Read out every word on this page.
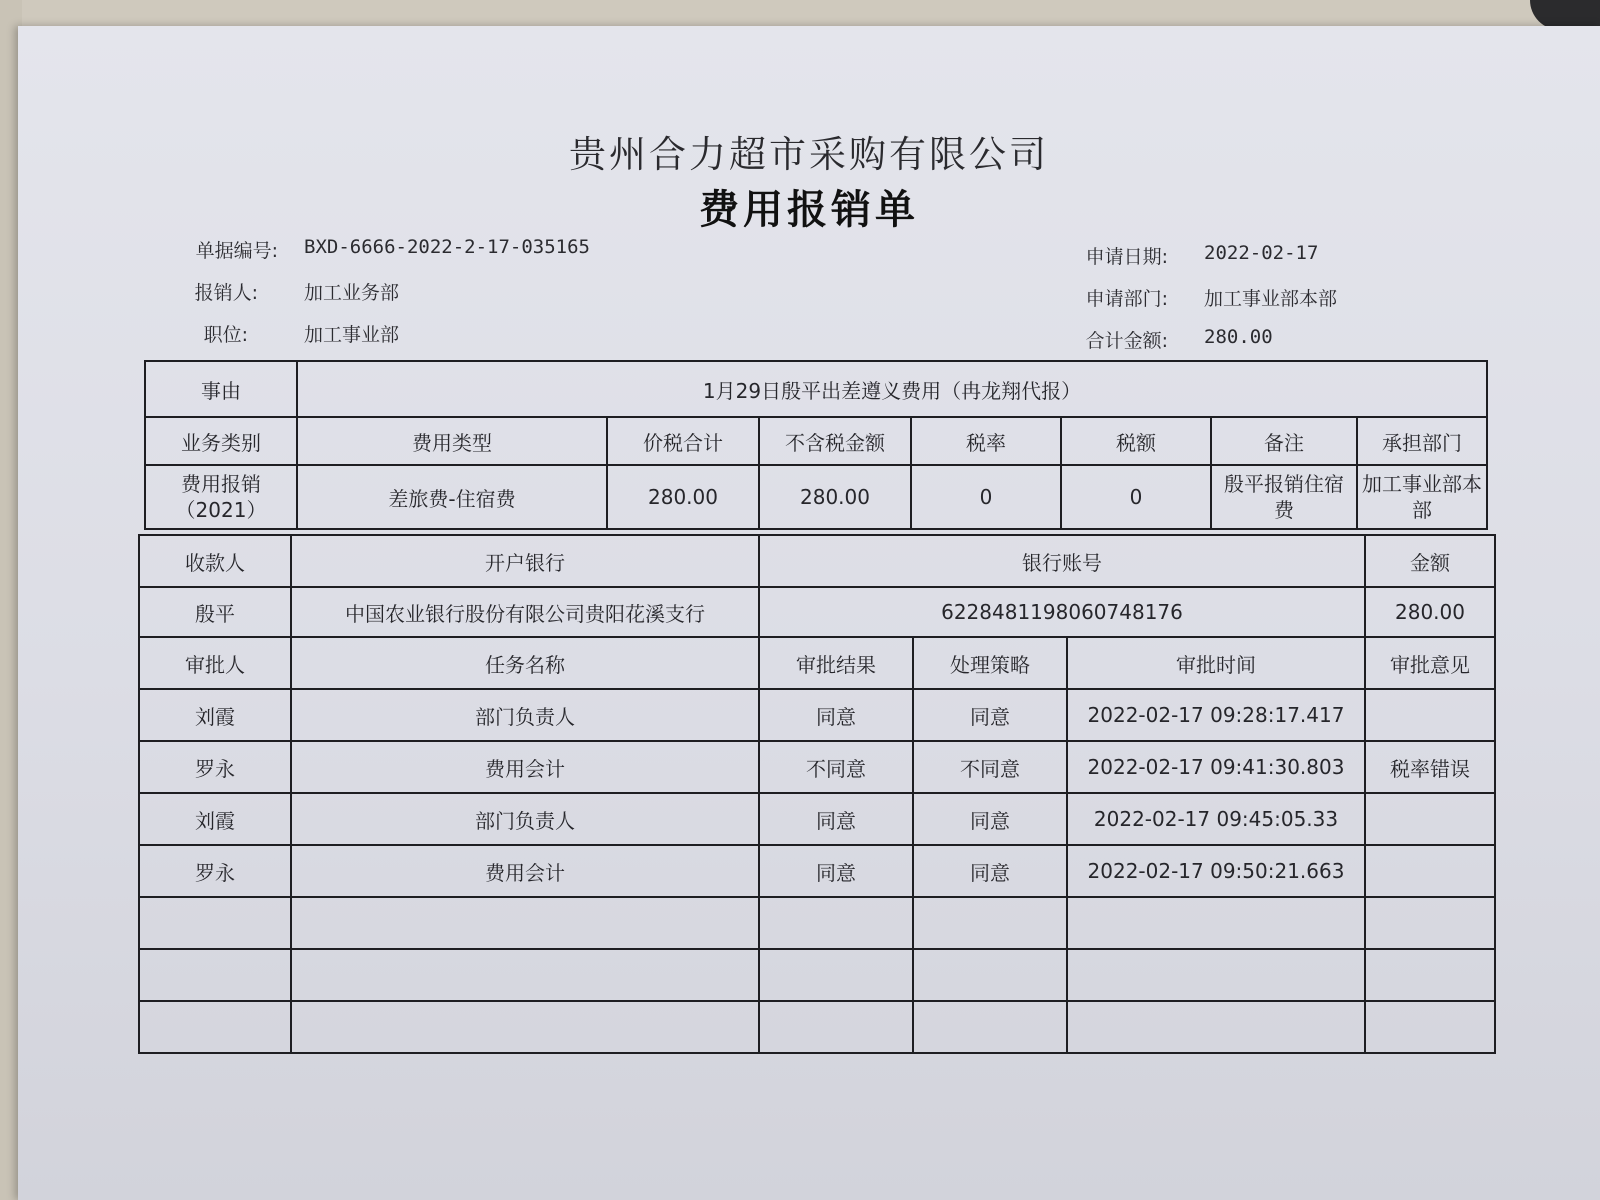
贵州合力超市采购有限公司
费用报销单
单据编号: BXD-6666-2022-2-17-035165
报销人: 加工业务部
职位:	加工事业部
申请日期: 2022-02-17
申请部门: 加工事业部本部
合计金额: 280.00
事由	1月29日殷平出差遵义费用（冉龙翔代报）						
业务类别	费用类型	价税合计	不含税金额	税率	税额	备注	承担部门
费用报销（2021）	差旅费-住宿费	280.00	280.00	0	0	殷平报销住宿费	加工事业部本部
收款人	开户银行	银行账号			金额
殷平	中国农业银行股份有限公司贵阳花溪支行	6228481198060748176			280.00
审批人	任务名称	审批结果	处理策略	审批时间	审批意见
刘霞	部门负责人	同意	同意	2022-02-17 09:28:17.417	
罗永	费用会计	不同意	不同意	2022-02-17 09:41:30.803	税率错误
刘霞	部门负责人	同意	同意	2022-02-17 09:45:05.33	
罗永	费用会计	同意	同意	2022-02-17 09:50:21.663	
